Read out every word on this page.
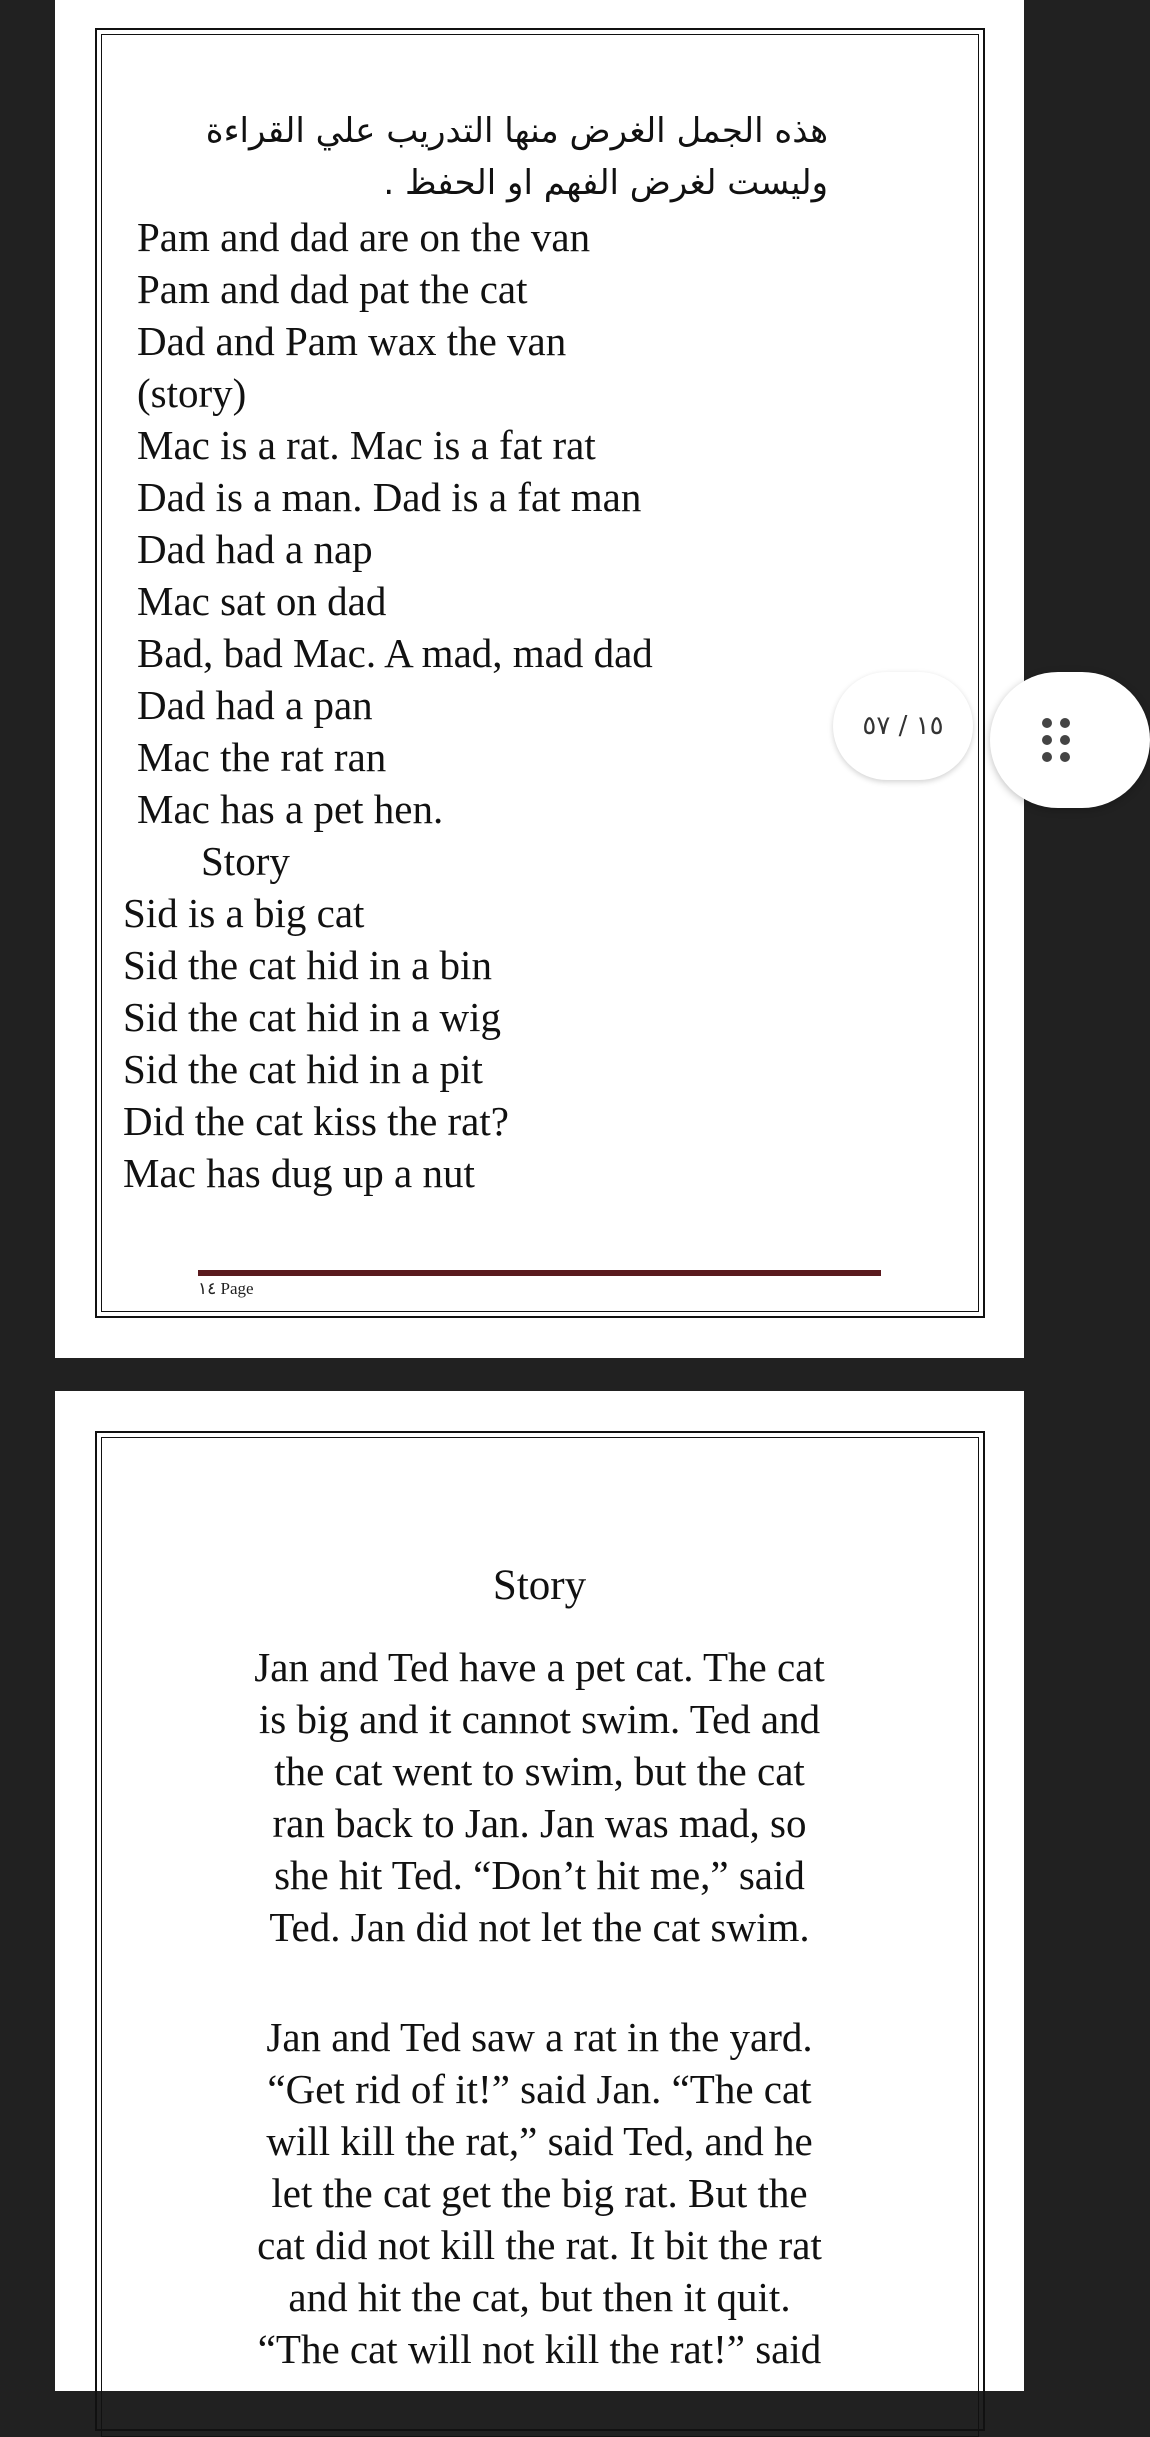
هذه الجمل الغرض منها التدريب علي القراءة
وليست لغرض الفهم او الحفظ .
Pam and dad are on the van
Pam and dad pat the cat
Dad and Pam wax the van
(story)
Mac is a rat. Mac is a fat rat
Dad is a man. Dad is a fat man
Dad had a nap
Mac sat on dad
Bad, bad Mac. A mad, mad dad
Dad had a pan
Mac the rat ran
Mac has a pet hen.
Story
Sid is a big cat
Sid the cat hid in a bin
Sid the cat hid in a wig
Sid the cat hid in a pit
Did the cat kiss the rat?
Mac has dug up a nut
١٤ Page
Story
Jan and Ted have a pet cat. The cat
is big and it cannot swim. Ted and
the cat went to swim, but the cat
ran back to Jan. Jan was mad, so
she hit Ted. “Don’t hit me,” said
Ted. Jan did not let the cat swim.
Jan and Ted saw a rat in the yard.
“Get rid of it!” said Jan. “The cat
will kill the rat,” said Ted, and he
let the cat get the big rat. But the
cat did not kill the rat. It bit the rat
and hit the cat, but then it quit.
“The cat will not kill the rat!” said
١٥ / ٥٧
